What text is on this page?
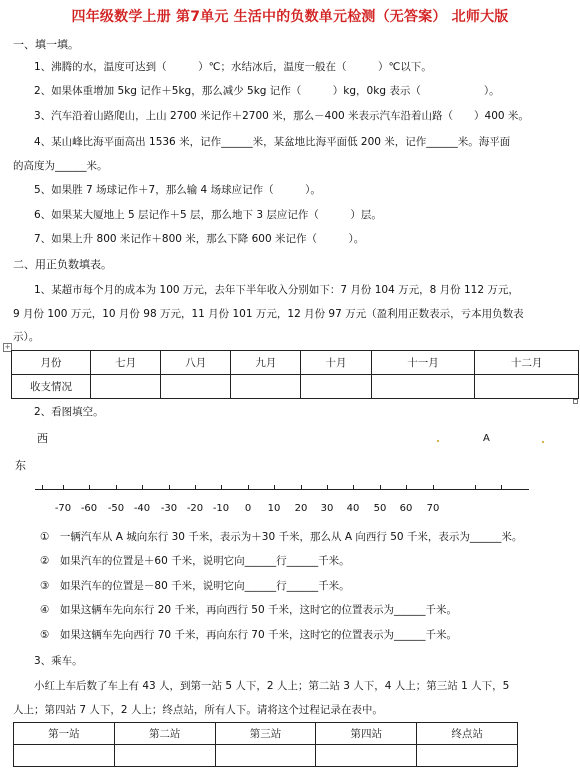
四年级数学上册 第7单元 生活中的负数单元检测（无答案） 北师大版
一、填一填。
1、沸腾的水，温度可达到（　　　）℃；水结冰后，温度一般在（　　　）℃以下。
2、如果体重增加 5kg 记作＋5kg，那么减少 5kg 记作（　　　）kg，0kg 表示（　　　　　　）。
3、汽车沿着山路爬山，上山 2700 米记作＋2700 米，那么－400 米表示汽车沿着山路（　　）400 米。
4、某山峰比海平面高出 1536 米，记作______米，某盆地比海平面低 200 米，记作______米。海平面
的高度为______米。
5、如果胜 7 场球记作＋7，那么输 4 场球应记作（　　　）。
6、如果某大厦地上 5 层记作＋5 层，那么地下 3 层应记作（　　　）层。
7、如果上升 800 米记作＋800 米，那么下降 600 米记作（　　　）。
二、用正负数填表。
1、某超市每个月的成本为 100 万元，去年下半年收入分别如下：7 月份 104 万元，8 月份 112 万元，
9 月份 100 万元，10 月份 98 万元，11 月份 101 万元，12 月份 97 万元（盈利用正数表示，亏本用负数表
示）。
+
月份	七月	八月	九月	十月	十一月	十二月
收支情况						
2、看图填空。
西
东
A
-70 -60	-50 -40	-30 -20 -10	0	10	20	30	40	50	60	70
①　一辆汽车从 A 城向东行 30 千米，表示为＋30 千米，那么从 A 向西行 50 千米，表示为______米。
②　如果汽车的位置是＋60 千米，说明它向______行______千米。
③　如果汽车的位置是－80 千米，说明它向______行______千米。
④　如果这辆车先向东行 20 千米，再向西行 50 千米，这时它的位置表示为______千米。
⑤　如果这辆车先向西行 70 千米，再向东行 70 千米，这时它的位置表示为______千米。
3、乘车。
小红上车后数了车上有 43 人，到第一站 5 人下，2 人上；第二站 3 人下，4 人上；第三站 1 人下，5
人上；第四站 7 人下，2 人上；终点站，所有人下。请将这个过程记录在表中。
第一站	第二站	第三站	第四站	终点站
